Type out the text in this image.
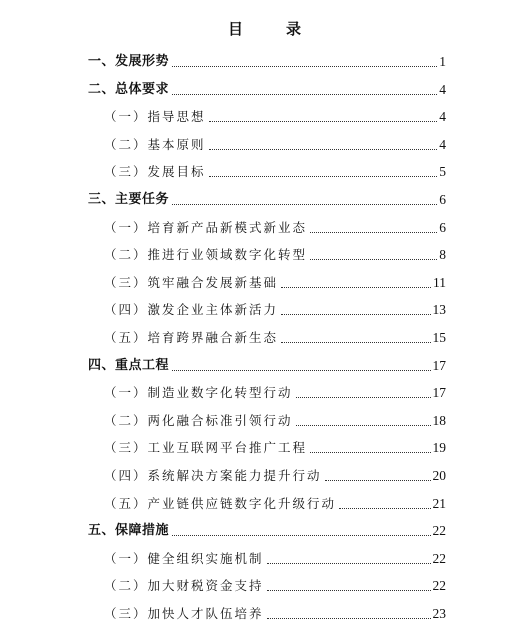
目　录
一、发展形势	1
二、总体要求	4
（一）指导思想	4
（二）基本原则	4
（三）发展目标	5
三、主要任务	6
（一）培育新产品新模式新业态	6
（二）推进行业领域数字化转型	8
（三）筑牢融合发展新基础	11
（四）激发企业主体新活力	13
（五）培育跨界融合新生态	15
四、重点工程	17
（一）制造业数字化转型行动	17
（二）两化融合标准引领行动	18
（三）工业互联网平台推广工程	19
（四）系统解决方案能力提升行动	20
（五）产业链供应链数字化升级行动	21
五、保障措施	22
（一）健全组织实施机制	22
（二）加大财税资金支持	22
（三）加快人才队伍培养	23
